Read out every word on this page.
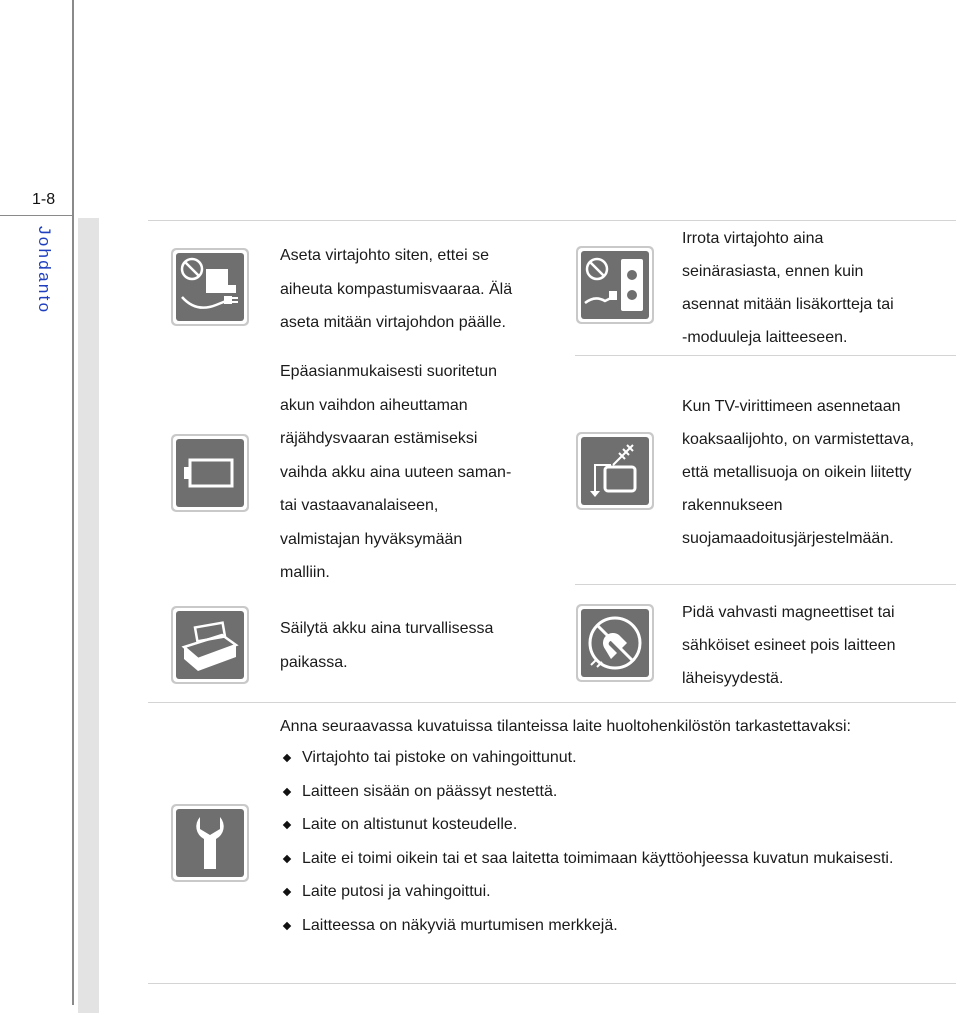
1-8
Johdanto	Aseta virtajohto siten, ettei se
aiheuta kompastumisvaaraa. Älä
aseta mitään virtajohdon päälle.
Irrota virtajohto aina
seinärasiasta, ennen kuin
asennat mitään lisäkortteja tai
-moduuleja laitteeseen.
Epäasianmukaisesti suoritetun
akun vaihdon aiheuttaman
räjähdysvaaran estämiseksi
vaihda akku aina uuteen saman-
tai vastaavanalaiseen,
valmistajan hyväksymään
malliin.
Kun TV-virittimeen asennetaan
koaksaalijohto, on varmistettava,
että metallisuoja on oikein liitetty
rakennukseen
suojamaadoitusjärjestelmään.
Säilytä akku aina turvallisessa
paikassa.
Pidä vahvasti magneettiset tai
sähköiset esineet pois laitteen
läheisyydestä.
Anna seuraavassa kuvatuissa tilanteissa laite huoltohenkilöstön tarkastettavaksi:
Virtajohto tai pistoke on vahingoittunut.
Laitteen sisään on päässyt nestettä.
Laite on altistunut kosteudelle.
Laite ei toimi oikein tai et saa laitetta toimimaan käyttöohjeessa kuvatun mukaisesti.
Laite putosi ja vahingoittui.
Laitteessa on näkyviä murtumisen merkkejä.
